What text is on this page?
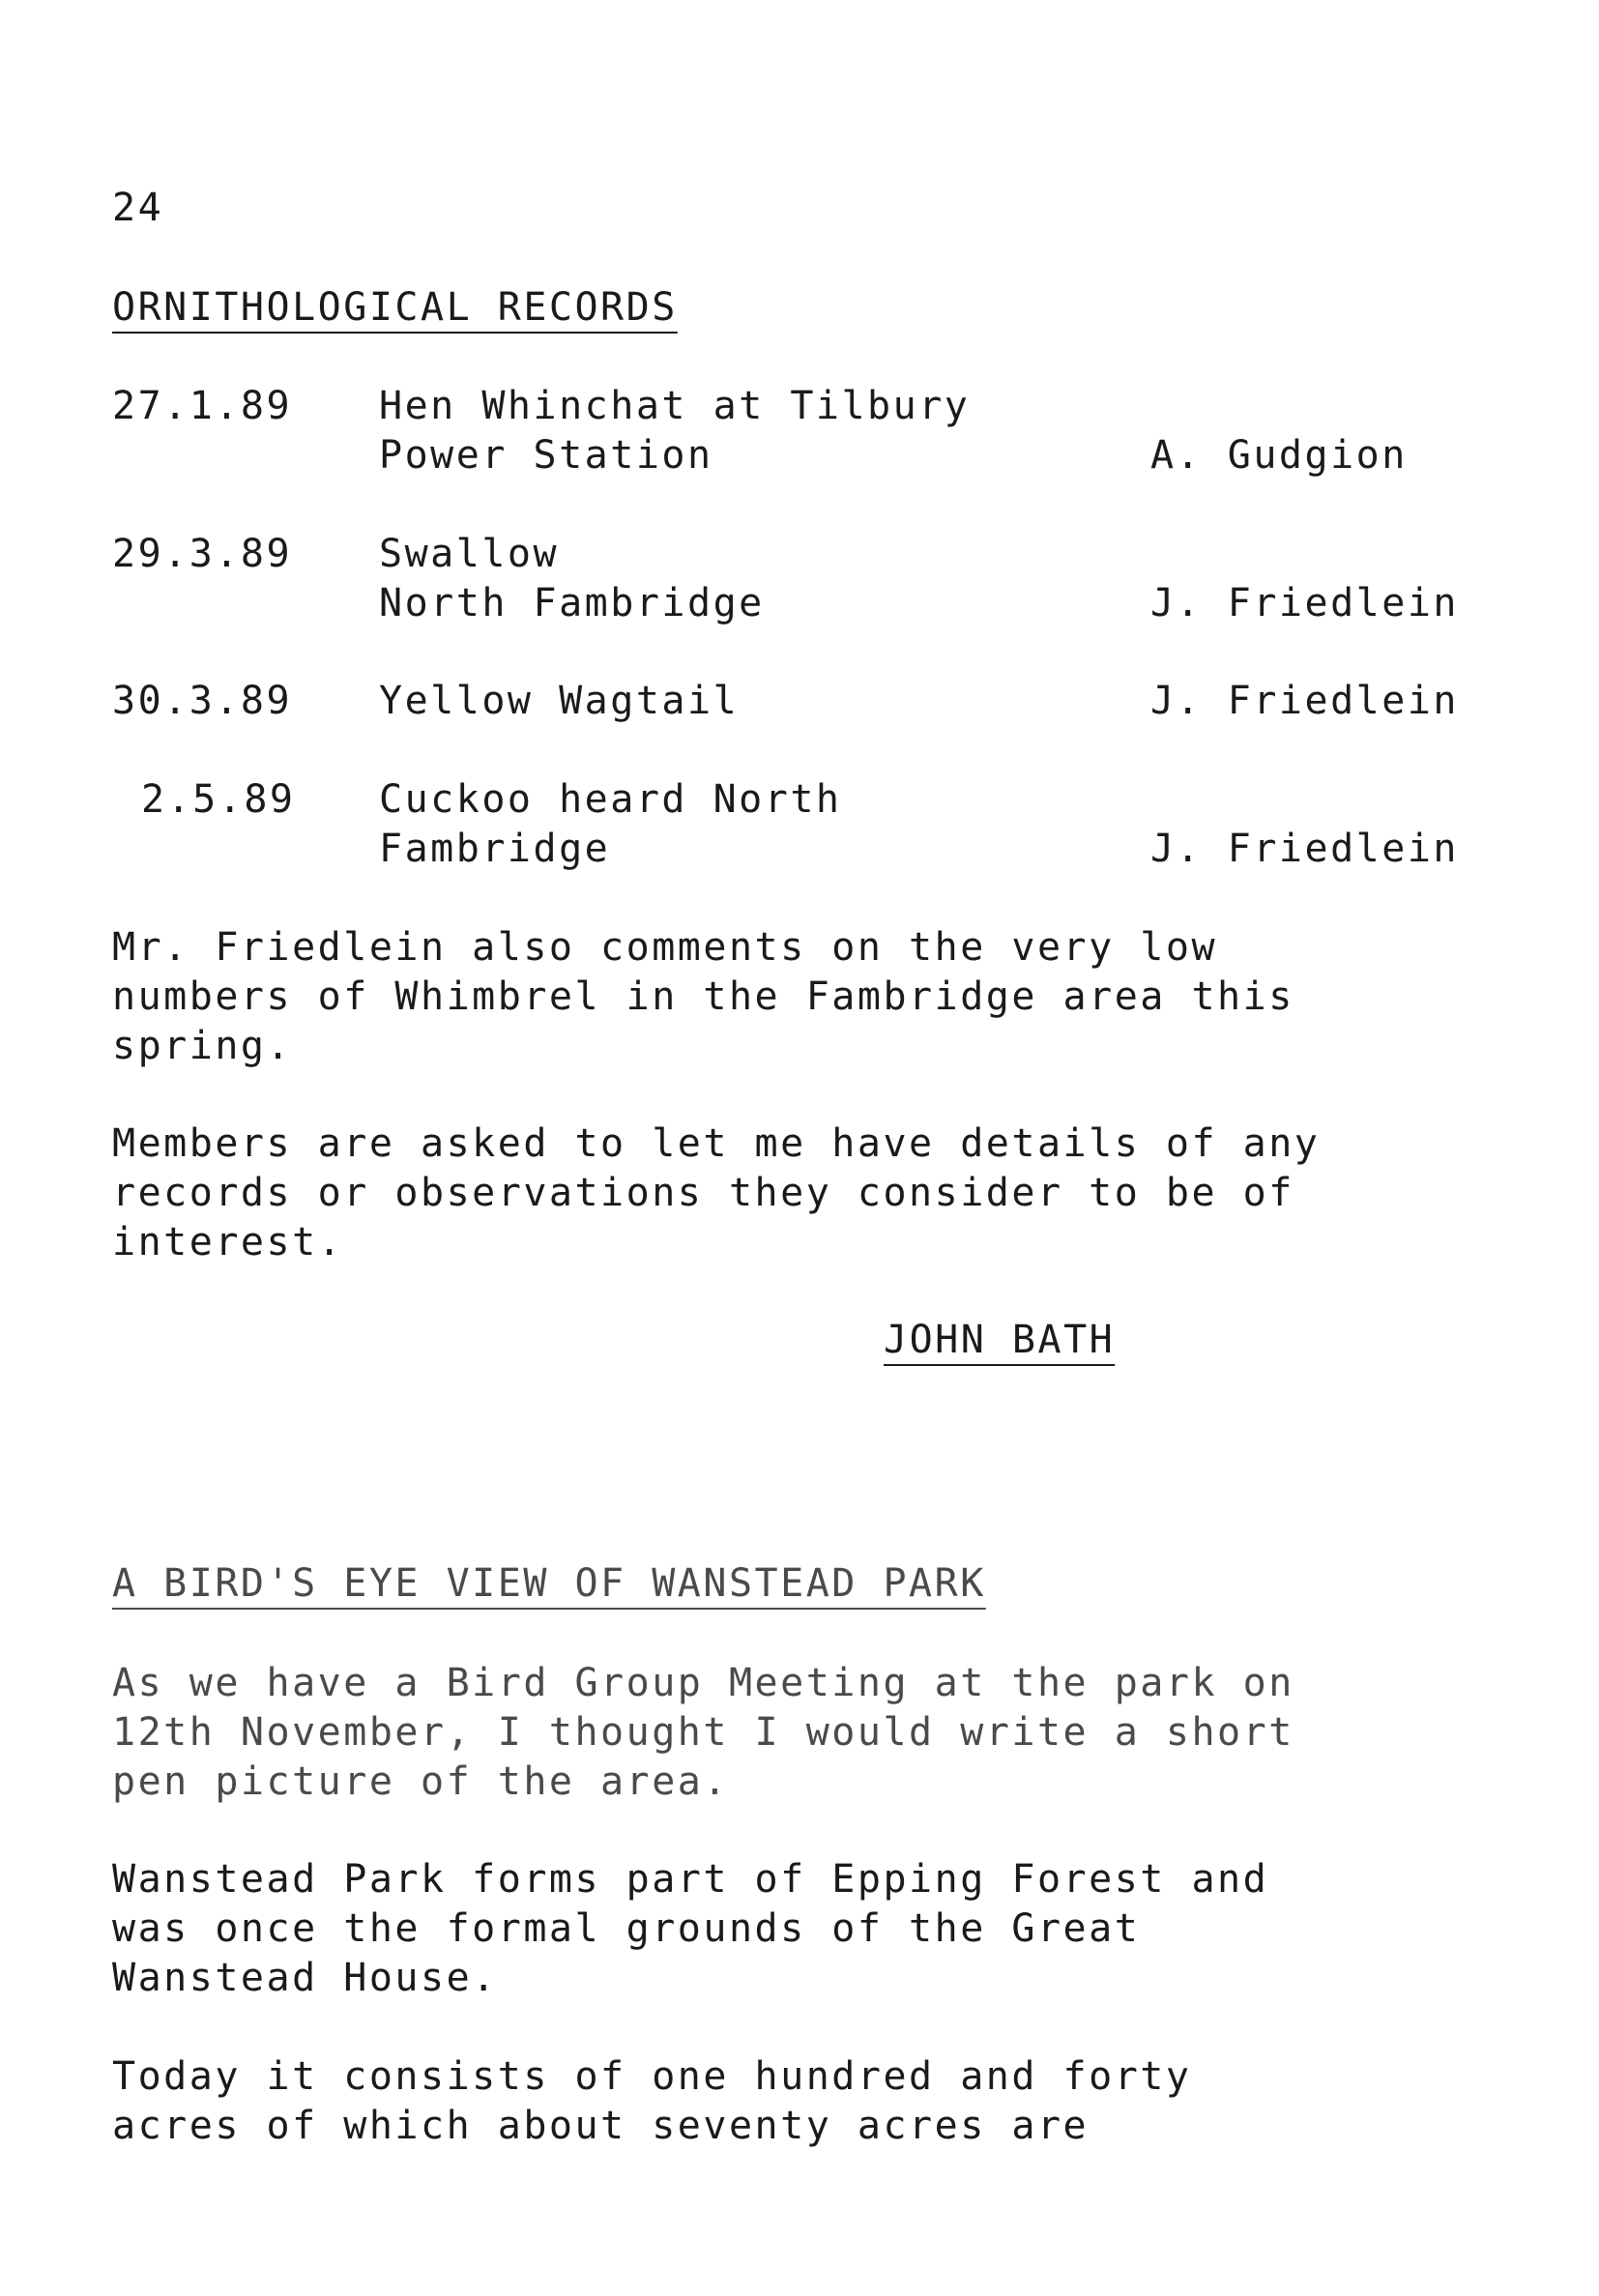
24
ORNITHOLOGICAL RECORDS
27.1.89 Hen Whinchat at Tilbury
Power Station	A. Gudgion
29.3.89 Swallow
North Fambridge	J. Friedlein
30.3.89 Yellow Wagtail	J. Friedlein
2.5.89 Cuckoo heard North
Fambridge	J. Friedlein
Mr. Friedlein also comments on the very low
numbers of Whimbrel in the Fambridge area this
spring.
Members are asked to let me have details of any
records or observations they consider to be of
interest.
JOHN BATH
A BIRD'S EYE VIEW OF WANSTEAD PARK
As we have a Bird Group Meeting at the park on
12th November, I thought I would write a short
pen picture of the area.
Wanstead Park forms part of Epping Forest and
was once the formal grounds of the Great
Wanstead House.
Today it consists of one hundred and forty
acres of which about seventy acres are
